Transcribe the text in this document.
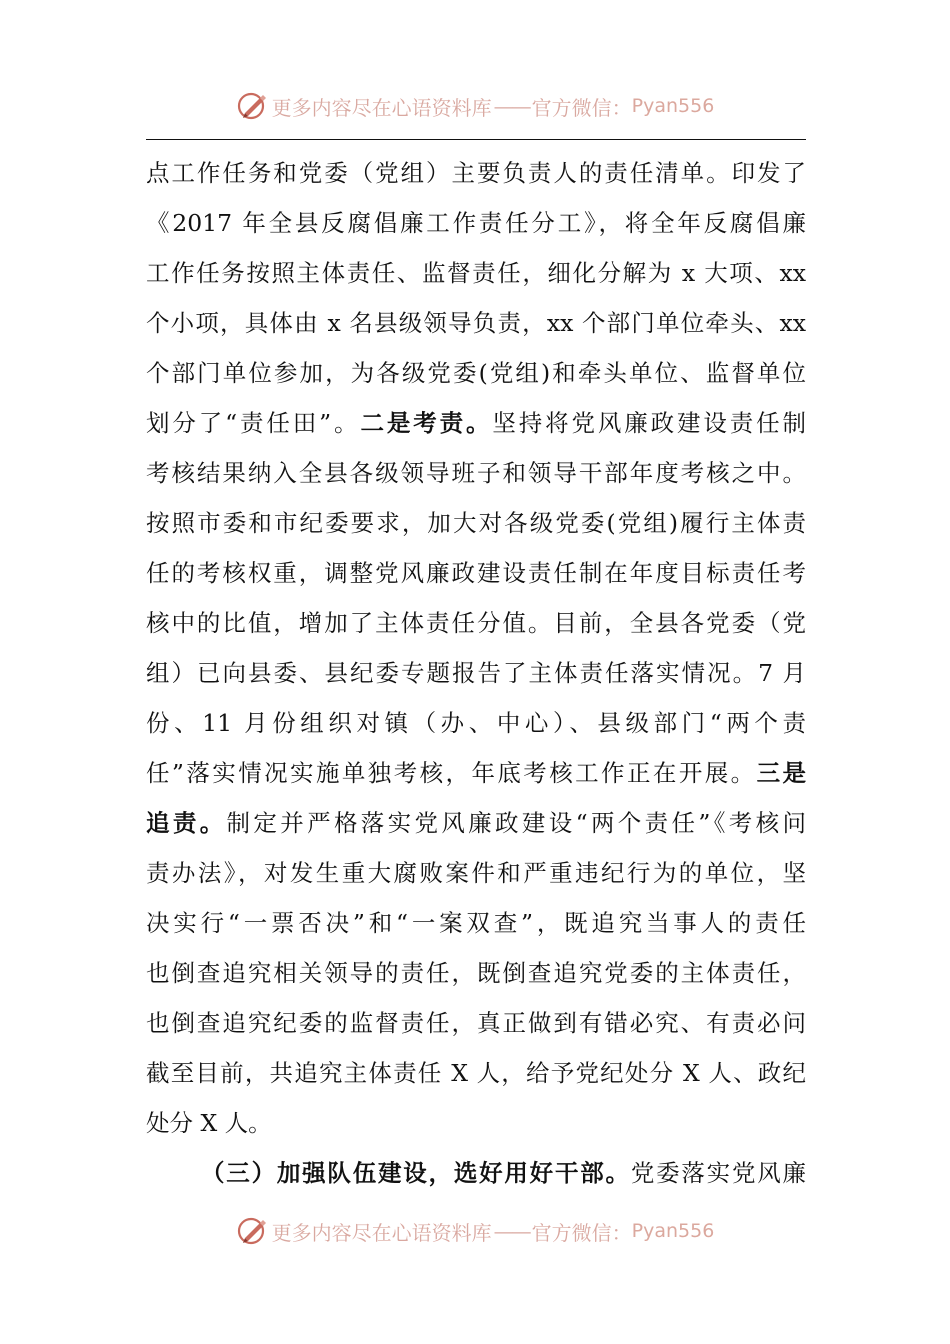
更多内容尽在心语资料库 —— 官方微信： Pyan556
点工作任务和党委（党组）主要负责人的责任清单。印发了
《2017 年全县反腐倡廉工作责任分工》，将全年反腐倡廉
工作任务按照主体责任、监督责任，细化分解为 x 大项、xx
个小项，具体由 x 名县级领导负责，xx 个部门单位牵头、xx
个部门单位参加，为各级党委(党组)和牵头单位、监督单位
划分了“责任田”。二是考责。坚持将党风廉政建设责任制
考核结果纳入全县各级领导班子和领导干部年度考核之中。
按照市委和市纪委要求，加大对各级党委(党组)履行主体责
任的考核权重，调整党风廉政建设责任制在年度目标责任考
核中的比值，增加了主体责任分值。目前，全县各党委（党
组）已向县委、县纪委专题报告了主体责任落实情况。7 月
份、11 月份组织对镇（办、中心）、县级部门“两个责
任”落实情况实施单独考核，年底考核工作正在开展。三是
追责。制定并严格落实党风廉政建设“两个责任”《考核问
责办法》，对发生重大腐败案件和严重违纪行为的单位，坚
决实行“一票否决”和“一案双查”，既追究当事人的责任
也倒查追究相关领导的责任，既倒查追究党委的主体责任，
也倒查追究纪委的监督责任，真正做到有错必究、有责必问
截至目前，共追究主体责任 X 人，给予党纪处分 X 人、政纪
处分 X 人。
（三）加强队伍建设，选好用好干部。党委落实党风廉
更多内容尽在心语资料库 —— 官方微信： Pyan556
